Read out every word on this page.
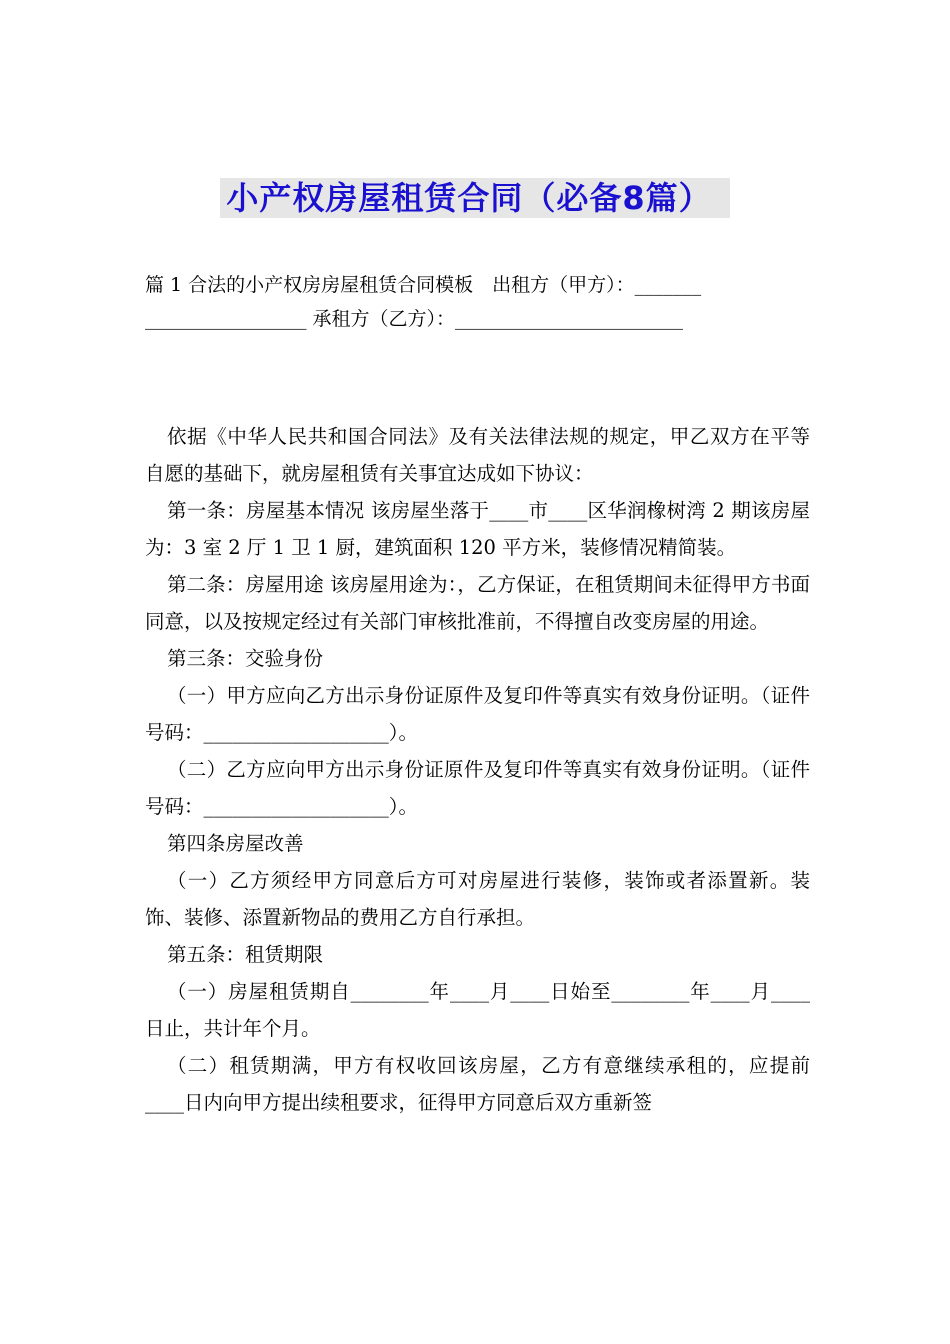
小产权房屋租赁合同（必备8篇）
篇 1 合法的小产权房房屋租赁合同模板　出租方（甲方）：_______
_________________ 承租方（乙方）：________________________

依据《中华人民共和国合同法》及有关法律法规的规定，甲乙双方在平等自愿的基础下，就房屋租赁有关事宜达成如下协议：

第一条：房屋基本情况 该房屋坐落于____市____区华润橡树湾 2 期该房屋为：3 室 2 厅 1 卫 1 厨，建筑面积 120 平方米，装修情况精简装。

第二条：房屋用途 该房屋用途为：，乙方保证，在租赁期间未征得甲方书面同意，以及按规定经过有关部门审核批准前，不得擅自改变房屋的用途。

第三条：交验身份

（一）甲方应向乙方出示身份证原件及复印件等真实有效身份证明。（证件号码：___________________）。

（二）乙方应向甲方出示身份证原件及复印件等真实有效身份证明。（证件号码：___________________）。

第四条房屋改善

（一）乙方须经甲方同意后方可对房屋进行装修，装饰或者添置新。装饰、装修、添置新物品的费用乙方自行承担。

第五条：租赁期限

（一）房屋租赁期自________年____月____日始至________年____月____日止，共计年个月。

（二）租赁期满，甲方有权收回该房屋，乙方有意继续承租的，应提前____日内向甲方提出续租要求，征得甲方同意后双方重新签
